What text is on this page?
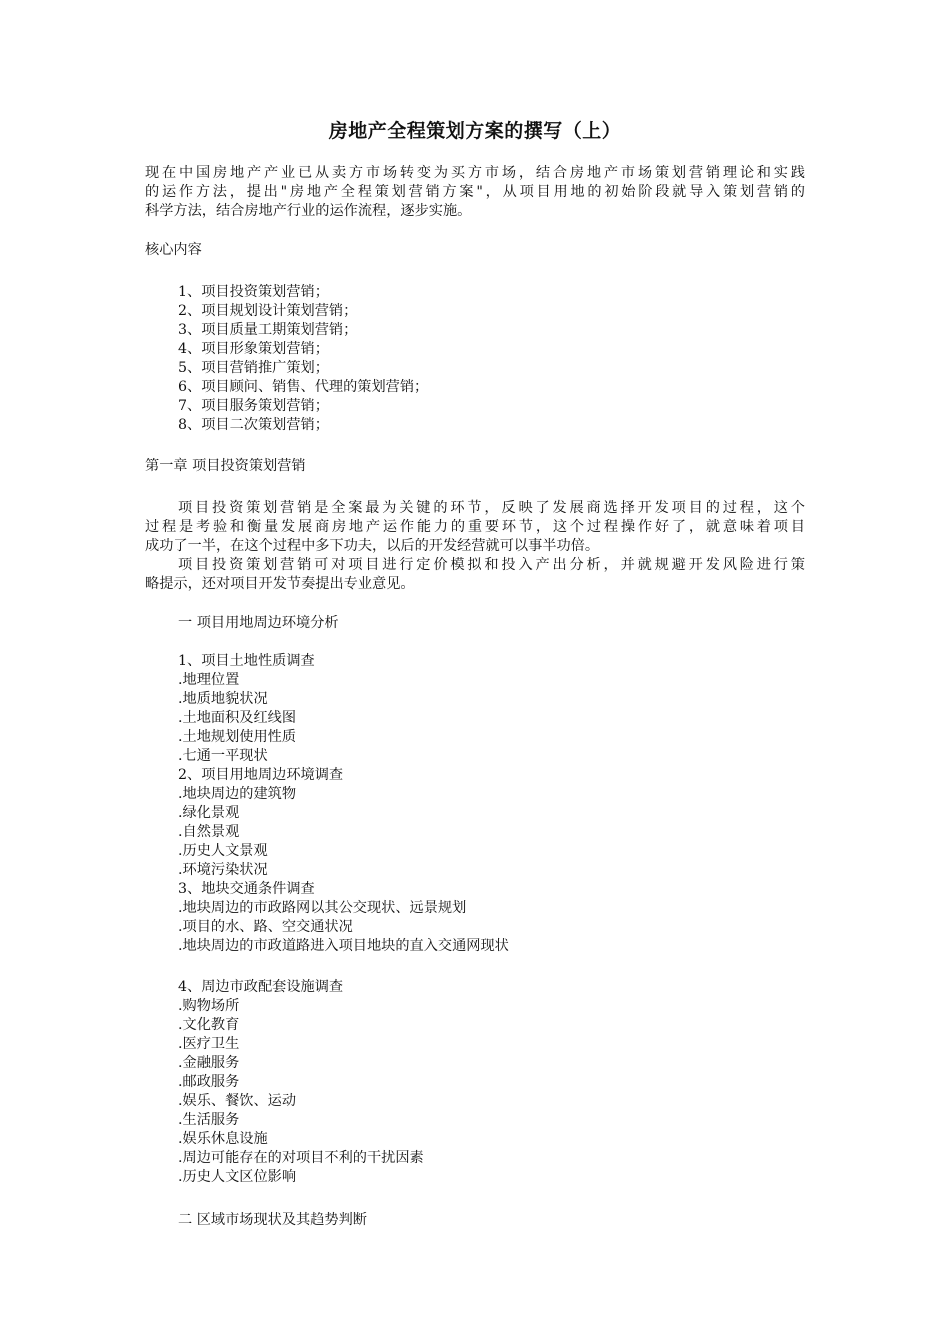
房地产全程策划方案的撰写（上）
现在中国房地产产业已从卖方市场转变为买方市场，结合房地产市场策划营销理论和实践
的运作方法，提出"房地产全程策划营销方案"，从项目用地的初始阶段就导入策划营销的
科学方法，结合房地产行业的运作流程，逐步实施。
核心内容
1、项目投资策划营销；
2、项目规划设计策划营销；
3、项目质量工期策划营销；
4、项目形象策划营销；
5、项目营销推广策划；
6、项目顾问、销售、代理的策划营销；
7、项目服务策划营销；
8、项目二次策划营销；
第一章 项目投资策划营销
项目投资策划营销是全案最为关键的环节，反映了发展商选择开发项目的过程，这个
过程是考验和衡量发展商房地产运作能力的重要环节，这个过程操作好了，就意味着项目
成功了一半，在这个过程中多下功夫，以后的开发经营就可以事半功倍。
项目投资策划营销可对项目进行定价模拟和投入产出分析，并就规避开发风险进行策
略提示，还对项目开发节奏提出专业意见。
一 项目用地周边环境分析
1、项目土地性质调查
.地理位置
.地质地貌状况
.土地面积及红线图
.土地规划使用性质
.七通一平现状
2、项目用地周边环境调查
.地块周边的建筑物
.绿化景观
.自然景观
.历史人文景观
.环境污染状况
3、地块交通条件调查
.地块周边的市政路网以其公交现状、远景规划
.项目的水、路、空交通状况
.地块周边的市政道路进入项目地块的直入交通网现状
4、周边市政配套设施调查
.购物场所
.文化教育
.医疗卫生
.金融服务
.邮政服务
.娱乐、餐饮、运动
.生活服务
.娱乐休息设施
.周边可能存在的对项目不利的干扰因素
.历史人文区位影响
二 区域市场现状及其趋势判断
